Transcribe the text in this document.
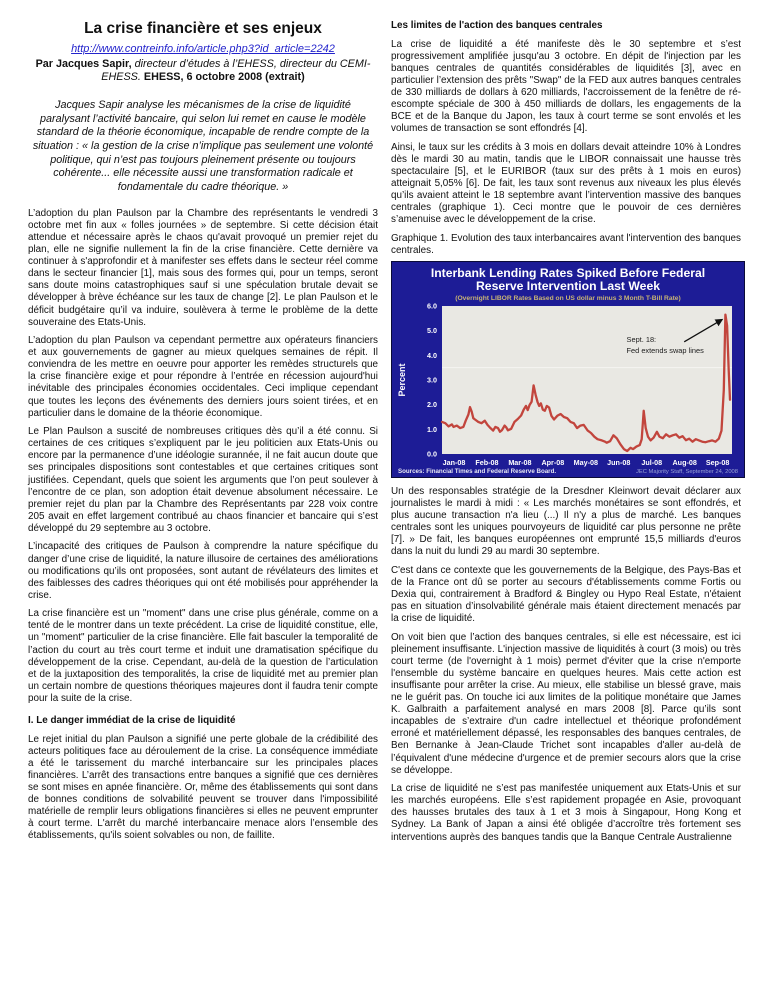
La crise financière et ses enjeux
http://www.contreinfo.info/article.php3?id_article=2242
Par Jacques Sapir, directeur d’études à l’EHESS, directeur du CEMI-EHESS. EHESS, 6 octobre 2008 (extrait)

Jacques Sapir analyse les mécanismes de la crise de liquidité paralysant l’activité bancaire, qui selon lui remet en cause le modèle standard de la théorie économique, incapable de rendre compte de la situation : « la gestion de la crise n’implique pas seulement une volonté politique, qui n’est pas toujours pleinement présente ou toujours cohérente... elle nécessite aussi une transformation radicale et fondamentale du cadre théorique. »

L’adoption du plan Paulson par la Chambre des représentants le vendredi 3 octobre met fin aux « folles journées » de septembre. Si cette décision était attendue et nécessaire après le chaos qu'avait provoqué un premier rejet du plan, elle ne signifie nullement la fin de la crise financière. Cette dernière va continuer à s'approfondir et à manifester ses effets dans le secteur réel comme dans le secteur financier [1], mais sous des formes qui, pour un temps, seront sans doute moins catastrophiques sauf si une spéculation brutale devait se développer à brève échéance sur les taux de change [2]. Le plan Paulson et le déficit budgétaire qu’il va induire, soulèvera à terme le problème de la dette souveraine des Etats-Unis.

L’adoption du plan Paulson va cependant permettre aux opérateurs financiers et aux gouvernements de gagner au mieux quelques semaines de répit. Il conviendra de les mettre en oeuvre pour apporter les remèdes structurels que la crise financière exige et pour répondre à l’entrée en récession aujourd'hui inévitable des principales économies occidentales. Ceci implique cependant que toutes les leçons des événements des derniers jours soient tirées, et en particulier dans le domaine de la théorie économique.

Le Plan Paulson a suscité de nombreuses critiques dès qu’il a été connu. Si certaines de ces critiques s’expliquent par le jeu politicien aux Etats-Unis ou encore par la permanence d’une idéologie surannée, il ne fait aucun doute que ses principales dispositions sont contestables et que certaines critiques sont justifiées. Cependant, quels que soient les arguments que l’on peut soulever à l’encontre de ce plan, son adoption était devenue absolument nécessaire. Le premier rejet du plan par la Chambre des Représentants par 228 voix contre 205 avait en effet largement contribué au chaos financier et bancaire qui s’est développé du 29 septembre au 3 octobre.

L’incapacité des critiques de Paulson à comprendre la nature spécifique du danger d’une crise de liquidité, la nature illusoire de certaines des améliorations ou modifications qu’ils ont proposées, sont autant de révélateurs des limites et des faiblesses des cadres théoriques qui ont été mobilisés pour appréhender la crise.

La crise financière est un "moment" dans une crise plus générale, comme on a tenté de le montrer dans un texte précédent. La crise de liquidité constitue, elle, un "moment" particulier de la crise financière. Elle fait basculer la temporalité de l’action du court au très court terme et induit une dramatisation spécifique du développement de la crise. Cependant, au-delà de la question de l’articulation et de la juxtaposition des temporalités, la crise de liquidité met au premier plan un certain nombre de questions théoriques majeures dont il faudra tenir compte pour la suite de la crise.

I. Le danger immédiat de la crise de liquidité

Le rejet initial du plan Paulson a signifié une perte globale de la crédibilité des acteurs politiques face au déroulement de la crise. La conséquence immédiate a été le tarissement du marché interbancaire sur les principales places financières. L’arrêt des transactions entre banques a signifié que ces dernières se sont mises en apnée financière. Or, même des établissements qui sont dans de bonnes conditions de solvabilité peuvent se trouver dans l'impossibilité matérielle de remplir leurs obligations financières si elles ne peuvent emprunter à court terme. L'arrêt du marché interbancaire menace alors l’ensemble des établissements, qu'ils soient solvables ou non, de faillite.

Les limites de l'action des banques centrales

La crise de liquidité a été manifeste dès le 30 septembre et s’est progressivement amplifiée jusqu'au 3 octobre. En dépit de l'injection par les banques centrales de quantités considérables de liquidités [3], avec en particulier l’extension des prêts "Swap" de la FED aux autres banques centrales de 330 milliards de dollars à 620 milliards, l'accroissement de la fenêtre de ré-escompte spéciale de 300 à 450 milliards de dollars, les engagements de la BCE et de la Banque du Japon, les taux à court terme se sont envolés et les volumes de transaction se sont effondrés [4].

Ainsi, le taux sur les crédits à 3 mois en dollars devait atteindre 10% à Londres dès le mardi 30 au matin, tandis que le LIBOR connaissait une hausse très spectaculaire [5], et le EURIBOR (taux sur des prêts à 1 mois en euros) atteignait 5,05% [6]. De fait, les taux sont revenus aux niveaux les plus élevés qu’ils avaient atteint le 18 septembre avant l’intervention massive des banques centrales (graphique 1). Ceci montre que le pouvoir de ces dernières s’amenuise avec le développement de la crise.

Graphique 1. Evolution des taux interbancaires avant l'intervention des banques centrales.

Interbank Lending Rates Spiked Before Federal
Reserve Intervention Last Week
(Overnight LIBOR Rates Based on US dollar minus 3 Month T-Bill Rate)
0.0
1.0
2.0
3.0
4.0
5.0
6.0
Jan-08 Feb-08 Mar-08 Apr-08 May-08 Jun-08 Jul-08 Aug-08 Sep-08
Percent
Sept. 18:
Fed extends swap lines
Sources: Financial Times and Federal Reserve Board.	JEC Majority Staff, September 24, 2008

Un des responsables stratégie de la Dresdner Kleinwort devait déclarer aux journalistes le mardi à midi : « Les marchés monétaires se sont effondrés, et plus aucune transaction n'a lieu (...) Il n'y a plus de marché. Les banques centrales sont les uniques pourvoyeurs de liquidité car plus personne ne prête [7]. » De fait, les banques européennes ont emprunté 15,5 milliards d'euros dans la nuit du lundi 29 au mardi 30 septembre.

C'est dans ce contexte que les gouvernements de la Belgique, des Pays-Bas et de la France ont dû se porter au secours d'établissements comme Fortis ou Dexia qui, contrairement à Bradford & Bingley ou Hypo Real Estate, n'étaient pas en situation d’insolvabilité générale mais étaient directement menacés par la crise de liquidité.

On voit bien que l’action des banques centrales, si elle est nécessaire, est ici pleinement insuffisante. L'injection massive de liquidités à court (3 mois) ou très court terme (de l'overnight à 1 mois) permet d'éviter que la crise n'emporte l'ensemble du système bancaire en quelques heures. Mais cette action est insuffisante pour arrêter la crise. Au mieux, elle stabilise un blessé grave, mais ne le guérit pas. On touche ici aux limites de la politique monétaire que James K. Galbraith a parfaitement analysé en mars 2008 [8]. Parce qu’ils sont incapables de s’extraire d'un cadre intellectuel et théorique profondément erroné et matériellement dépassé, les responsables des banques centrales, de Ben Bernanke à Jean-Claude Trichet sont incapables d'aller au-delà de l’équivalent d'une médecine d'urgence et de premier secours alors que la crise se développe.

La crise de liquidité ne s’est pas manifestée uniquement aux Etats-Unis et sur les marchés européens. Elle s’est rapidement propagée en Asie, provoquant des hausses brutales des taux à 1 et 3 mois à Singapour, Hong Kong et Sydney. La Bank of Japan a ainsi été obligée d’accroître très fortement ses interventions auprès des banques tandis que la Banque Centrale Australienne
